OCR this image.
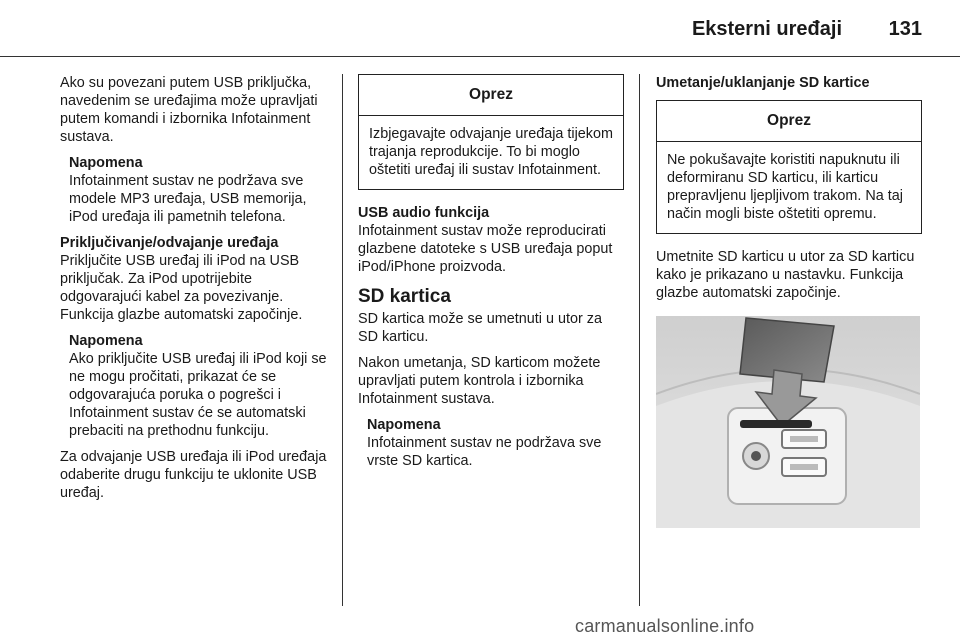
Eksterni uređaji 131

Ako su povezani putem USB priključka, navedenim se uređajima može upravljati putem komandi i izbornika Infotainment sustava.

Napomena
Infotainment sustav ne podržava sve modele MP3 uređaja, USB memorija, iPod uređaja ili pametnih telefona.
Priključivanje/odvajanje uređaja

Priključite USB uređaj ili iPod na USB priključak. Za iPod upotrijebite odgovarajući kabel za povezivanje. Funkcija glazbe automatski započinje.

Napomena
Ako priključite USB uređaj ili iPod koji se ne mogu pročitati, prikazat će se odgovarajuća poruka o pogrešci i Infotainment sustav će se automatski prebaciti na prethodnu funkciju.

Za odvajanje USB uređaja ili iPod uređaja odaberite drugu funkciju te uklonite USB uređaj.

Oprez
Izbjegavajte odvajanje uređaja tijekom trajanja reprodukcije. To bi moglo oštetiti uređaj ili sustav Infotainment.
USB audio funkcija

Infotainment sustav može reproducirati glazbene datoteke s USB uređaja poput iPod/iPhone proizvoda.

SD kartica

SD kartica može se umetnuti u utor za SD karticu.

Nakon umetanja, SD karticom možete upravljati putem kontrola i izbornika Infotainment sustava.

Napomena
Infotainment sustav ne podržava sve vrste SD kartica.
Umetanje/uklanjanje SD kartice
Oprez
Ne pokušavajte koristiti napuknutu ili deformiranu SD karticu, ili karticu prepravljenu ljepljivom trakom. Na taj način mogli biste oštetiti opremu.

Umetnite SD karticu u utor za SD karticu kako je prikazano u nastavku. Funkcija glazbe automatski započinje.

carmanualsonline.info
